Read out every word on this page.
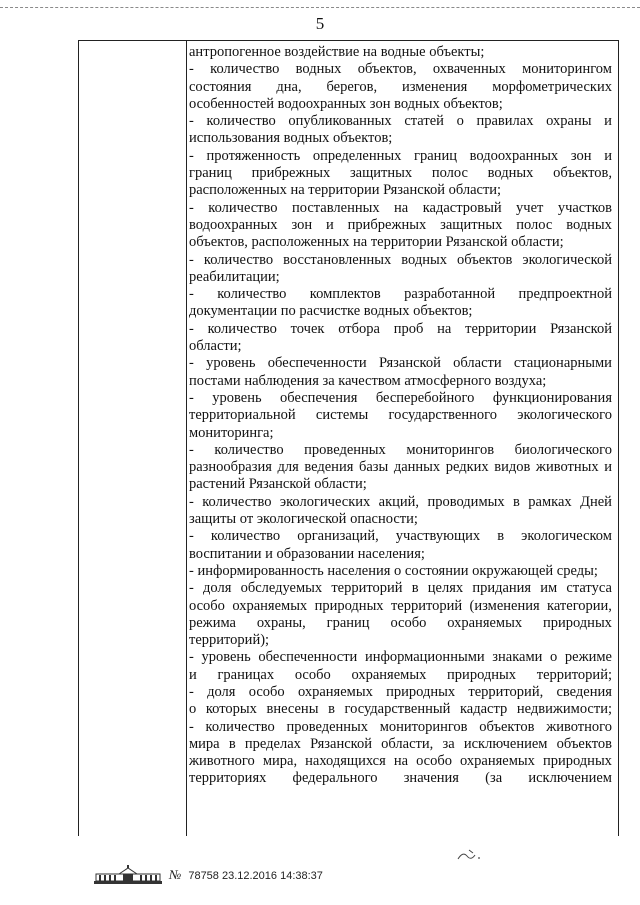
5
антропогенное воздействие на водные объекты;
- количество водных объектов, охваченных мониторингом
состояния дна, берегов, изменения морфометрических
особенностей водоохранных зон водных объектов;
- количество опубликованных статей о правилах охраны и
использования водных объектов;
- протяженность определенных границ водоохранных зон и
границ прибрежных защитных полос водных объектов,
расположенных на территории Рязанской области;
- количество поставленных на кадастровый учет участков
водоохранных зон и прибрежных защитных полос водных
объектов, расположенных на территории Рязанской области;
- количество восстановленных водных объектов экологической
реабилитации;
- количество комплектов разработанной предпроектной
документации по расчистке водных объектов;
- количество точек отбора проб на территории Рязанской
области;
- уровень обеспеченности Рязанской области стационарными
постами наблюдения за качеством атмосферного воздуха;
- уровень обеспечения бесперебойного функционирования
территориальной системы государственного экологического
мониторинга;
- количество проведенных мониторингов биологического
разнообразия для ведения базы данных редких видов животных и
растений Рязанской области;
- количество экологических акций, проводимых в рамках Дней
защиты от экологической опасности;
- количество организаций, участвующих в экологическом
воспитании и образовании населения;
- информированность населения о состоянии окружающей среды;
- доля обследуемых территорий в целях придания им статуса
особо охраняемых природных территорий (изменения категории,
режима охраны, границ особо охраняемых природных
территорий);
- уровень обеспеченности информационными знаками о режиме
и границах особо охраняемых природных территорий;
- доля особо охраняемых природных территорий, сведения
о которых внесены в государственный кадастр недвижимости;
- количество проведенных мониторингов объектов животного
мира в пределах Рязанской области, за исключением объектов
животного мира, находящихся на особо охраняемых природных
территориях федерального значения (за исключением
№ 78758 23.12.2016 14:38:37
